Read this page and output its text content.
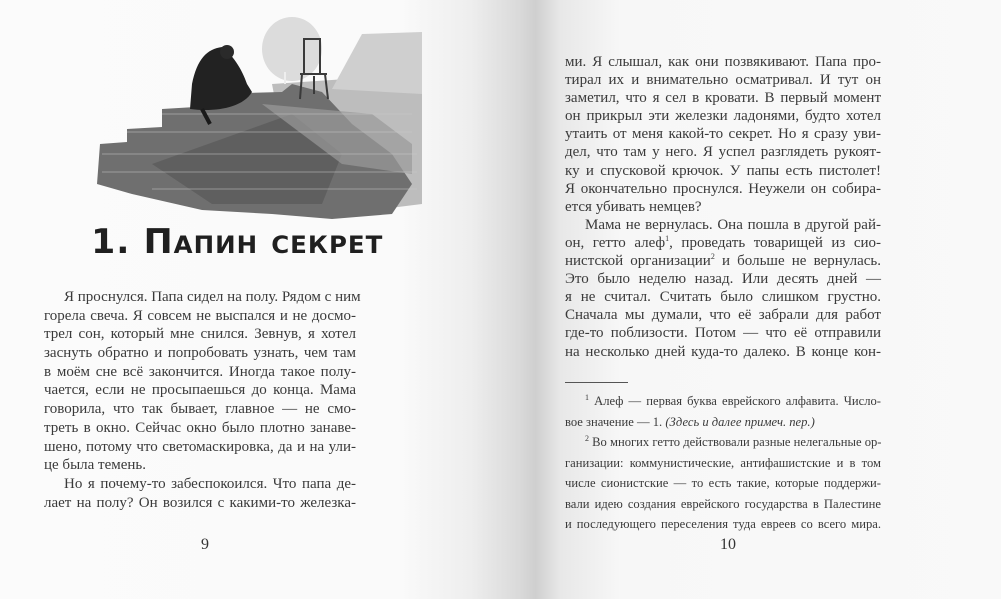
1. Папин секрет
Я проснулся. Папа сидел на полу. Рядом с ним
горела свеча. Я совсем не выспался и не досмо-
трел сон, который мне снился. Зевнув, я хотел
заснуть обратно и попробовать узнать, чем там
в моём сне всё закончится. Иногда такое полу-
чается, если не просыпаешься до конца. Мама
говорила, что так бывает, главное — не смо-
треть в окно. Сейчас окно было плотно занаве-
шено, потому что светомаскировка, да и на ули-
це была темень.
Но я почему-то забеспокоился. Что папа де-
лает на полу? Он возился с какими-то железка-
9
ми. Я слышал, как они позвякивают. Папа про-
тирал их и внимательно осматривал. И тут он
заметил, что я сел в кровати. В первый момент
он прикрыл эти железки ладонями, будто хотел
утаить от меня какой-то секрет. Но я сразу уви-
дел, что там у него. Я успел разглядеть рукоят-
ку и спусковой крючок. У папы есть пистолет!
Я окончательно проснулся. Неужели он собира-
ется убивать немцев?
Мама не вернулась. Она пошла в другой рай-
он, гетто алеф$^1$, проведать товарищей из сио-
нистской организации$^2$ и больше не вернулась.
Это было неделю назад. Или десять дней —
я не считал. Считать было слишком грустно.
Сначала мы думали, что её забрали для работ
где-то поблизости. Потом — что её отправили
на несколько дней куда-то далеко. В конце кон-
10
$^1$ Алеф — первая буква еврейского алфавита. Число-
вое значение — 1. (Здесь и далее примеч. пер.)
$^2$ Во многих гетто действовали разные нелегальные ор-
ганизации: коммунистические, антифашистские и в том
числе сионистские — то есть такие, которые поддержи-
вали идею создания еврейского государства в Палестине
и последующего переселения туда евреев со всего мира.
